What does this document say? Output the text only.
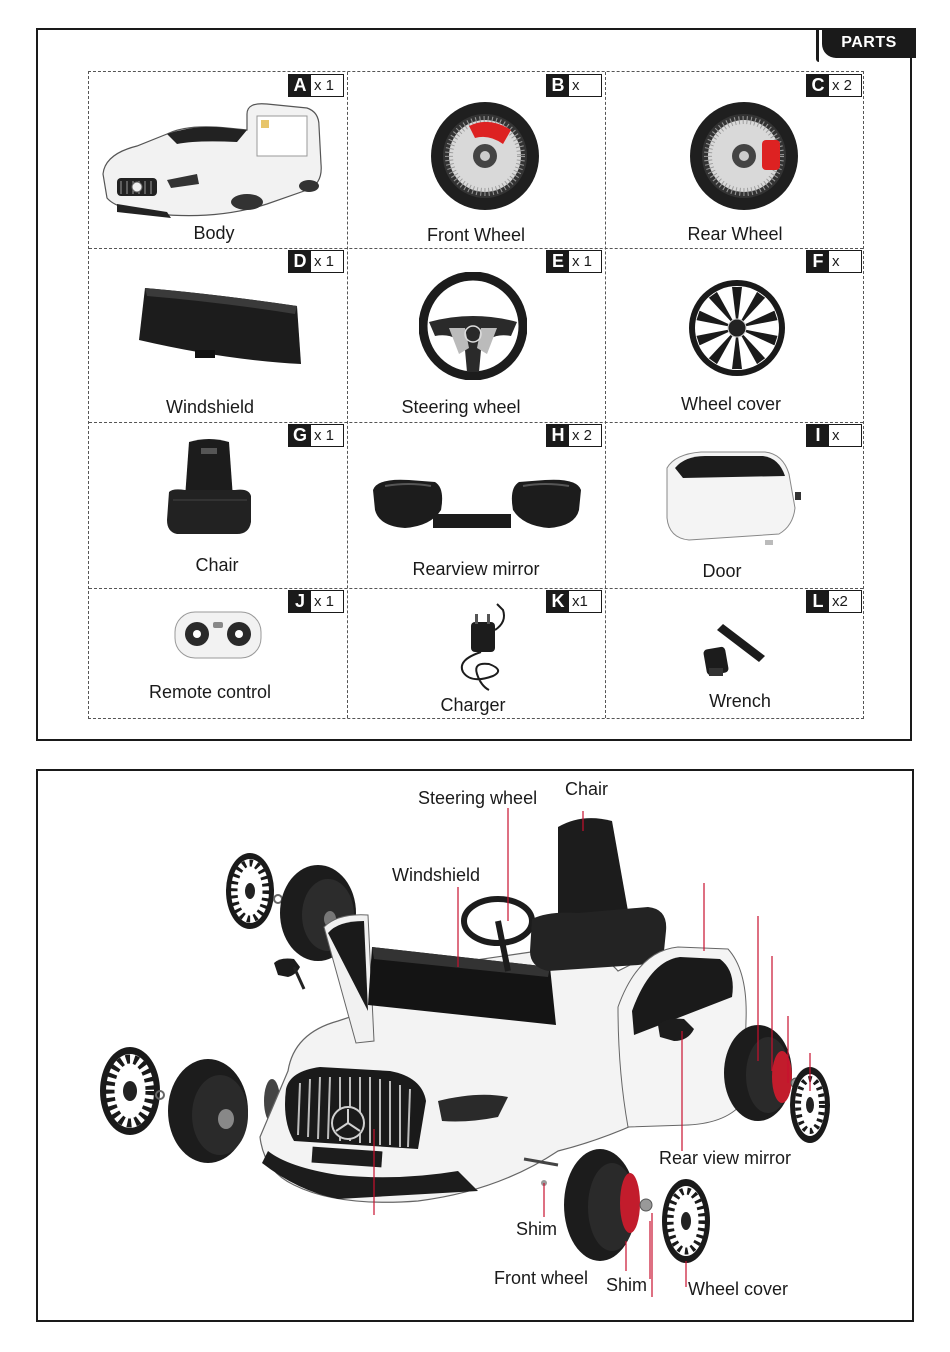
PARTS
A x 1
Body
B x
Front Wheel
C x 2
Rear Wheel
D x 1
Windshield
E x 1
Steering wheel
F x
Wheel cover
G x 1
Chair
H x 2
Rearview mirror
I x
Door
J x 1
Remote control
K x1
Charger
L x2
Wrench
Steering wheel Chair
Windshield
Rear view mirror
Shim
Front wheel Shim Wheel cover
